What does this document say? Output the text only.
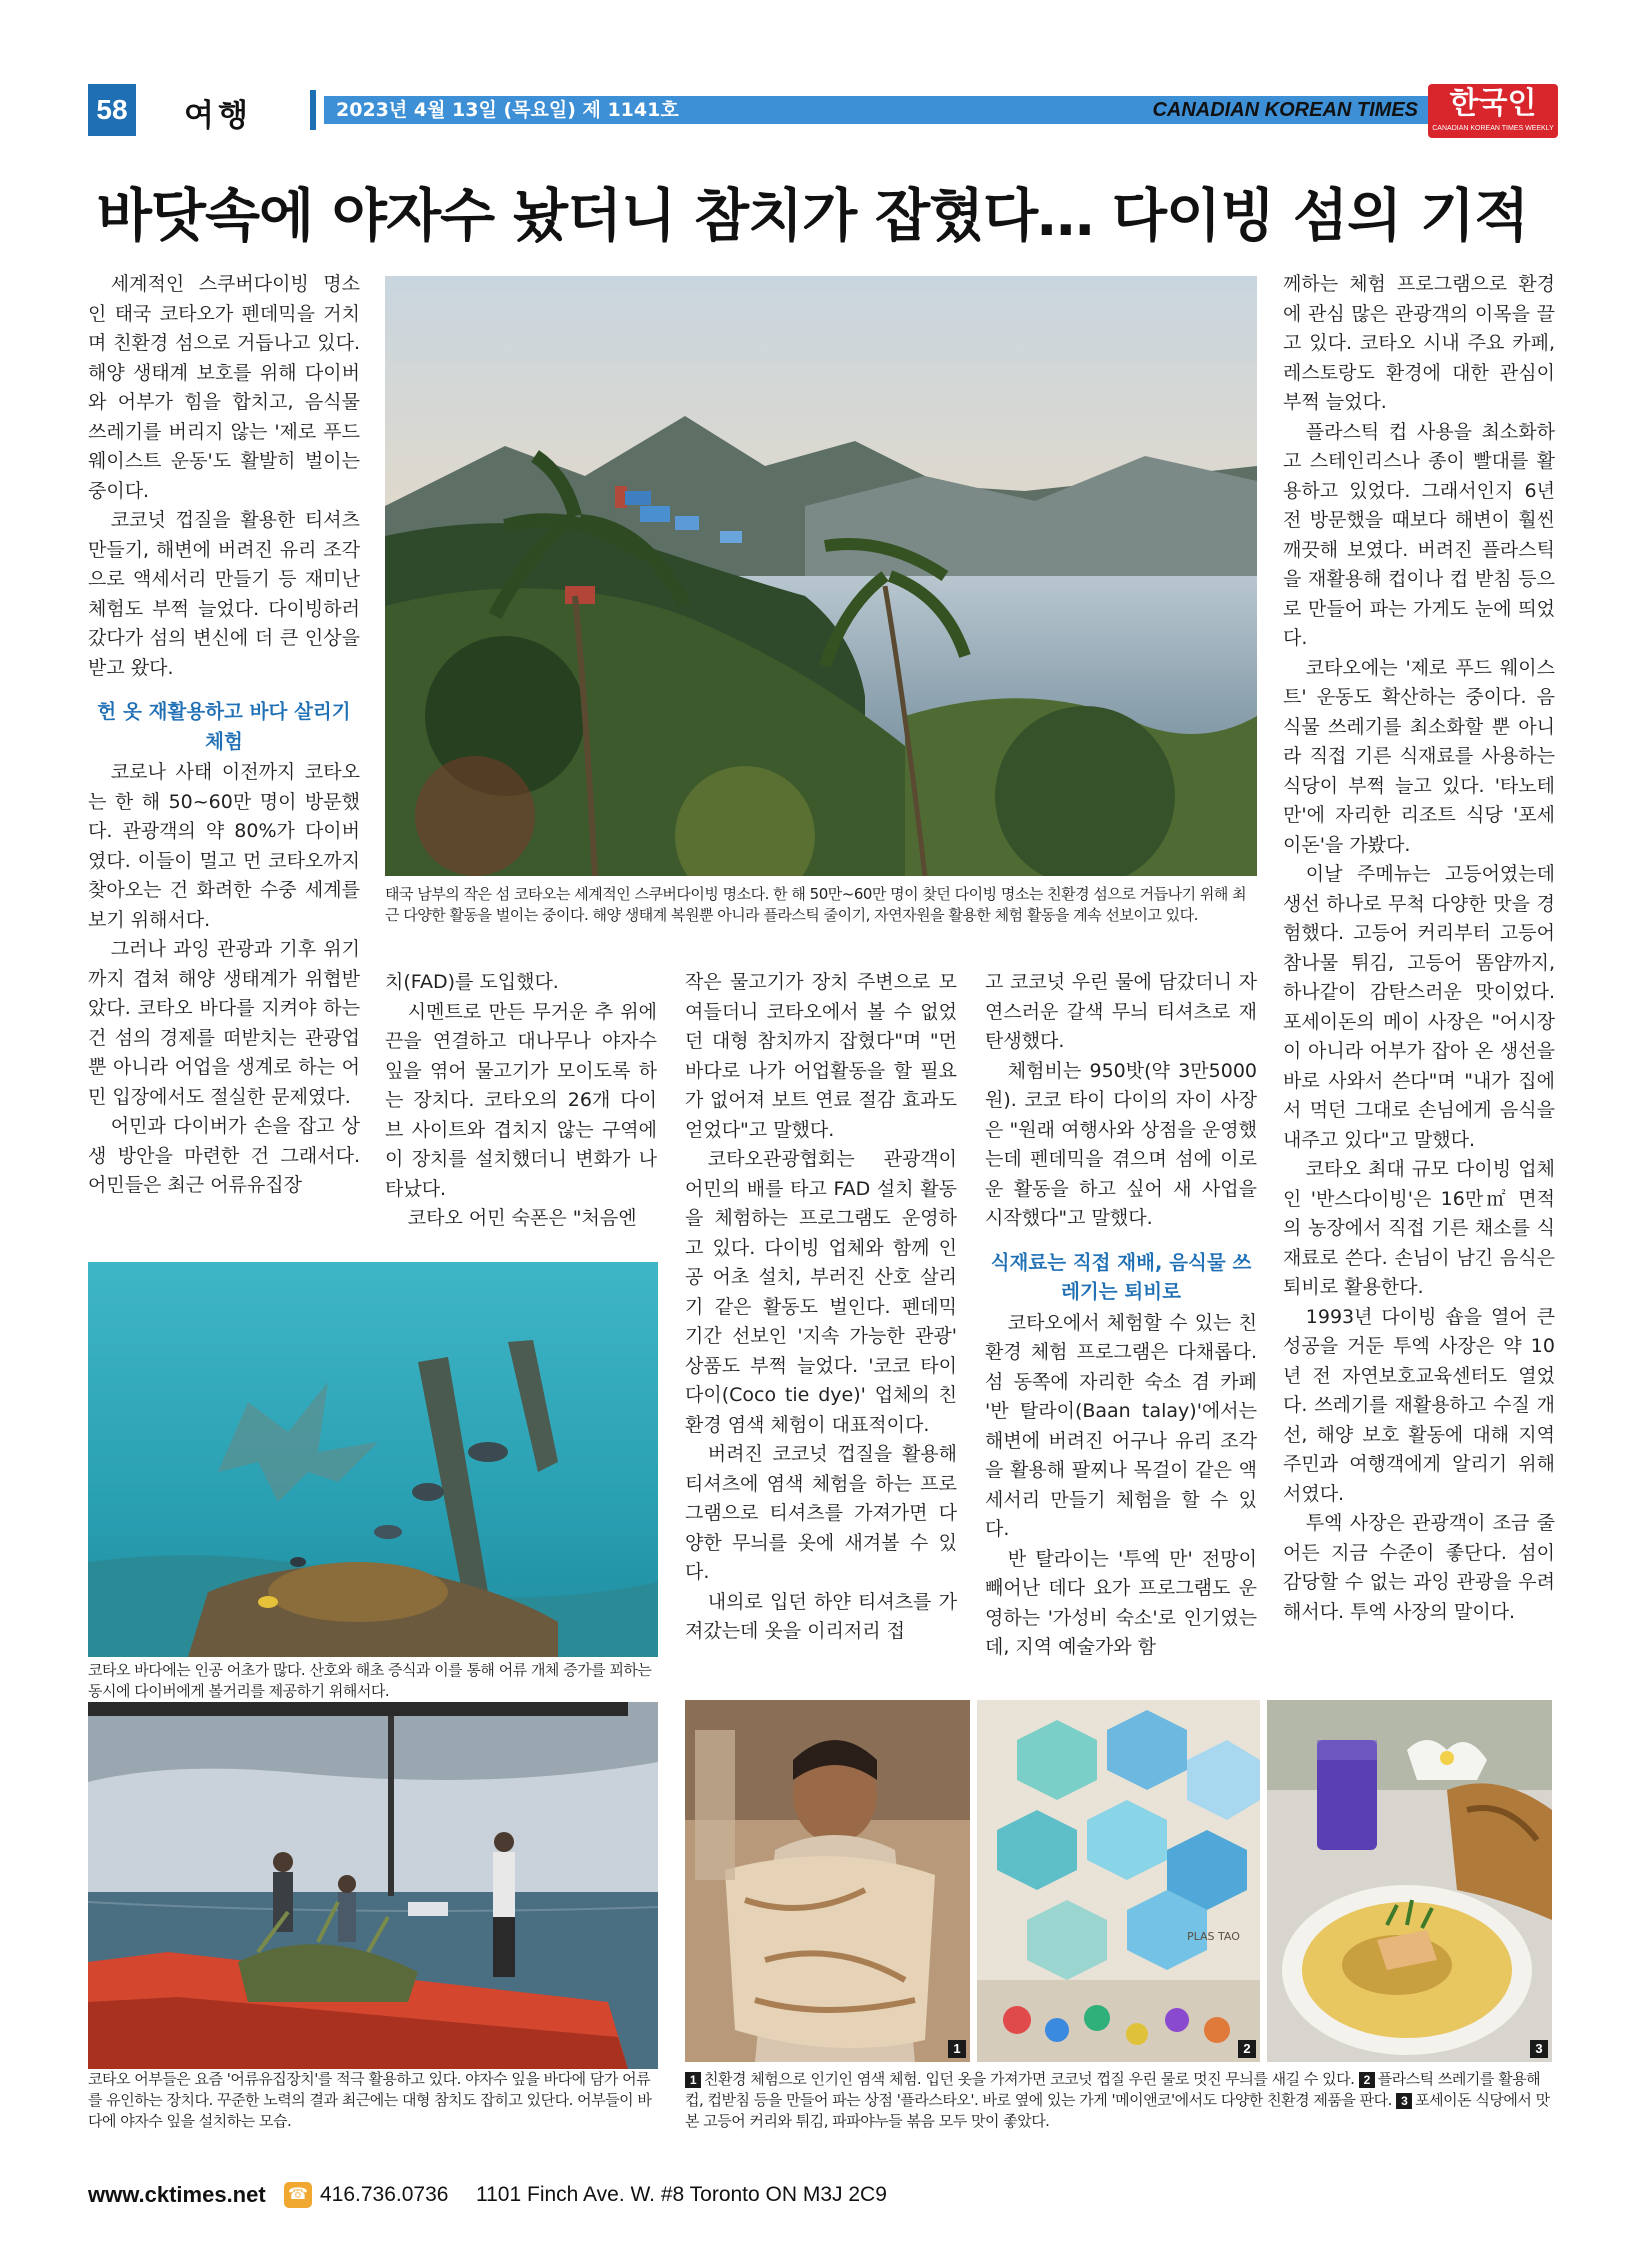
58 여행	2023년 4월 13일 (목요일) 제 1141호	CANADIAN KOREAN TIMES	한국인
CANADIAN KOREAN TIMES WEEKLY
바닷속에 야자수 놨더니 참치가 잡혔다… 다이빙 섬의 기적

세계적인 스쿠버다이빙 명소인 태국 코타오가 펜데믹을 거치며 친환경 섬으로 거듭나고 있다. 해양 생태계 보호를 위해 다이버와 어부가 힘을 합치고, 음식물 쓰레기를 버리지 않는 '제로 푸드 웨이스트 운동'도 활발히 벌이는 중이다.

코코넛 껍질을 활용한 티셔츠 만들기, 해변에 버려진 유리 조각으로 액세서리 만들기 등 재미난 체험도 부쩍 늘었다. 다이빙하러 갔다가 섬의 변신에 더 큰 인상을 받고 왔다.

헌 옷 재활용하고 바다 살리기 체험

코로나 사태 이전까지 코타오는 한 해 50~60만 명이 방문했다. 관광객의 약 80%가 다이버였다. 이들이 멀고 먼 코타오까지 찾아오는 건 화려한 수중 세계를 보기 위해서다.

그러나 과잉 관광과 기후 위기까지 겹쳐 해양 생태계가 위협받았다. 코타오 바다를 지켜야 하는 건 섬의 경제를 떠받치는 관광업뿐 아니라 어업을 생계로 하는 어민 입장에서도 절실한 문제였다.

어민과 다이버가 손을 잡고 상생 방안을 마련한 건 그래서다. 어민들은 최근 어류유집장

태국 남부의 작은 섬 코타오는 세계적인 스쿠버다이빙 명소다. 한 해 50만~60만 명이 찾던 다이빙 명소는 친환경 섬으로 거듭나기 위해 최근 다양한 활동을 벌이는 중이다. 해양 생태계 복원뿐 아니라 플라스틱 줄이기, 자연자원을 활용한 체험 활동을 계속 선보이고 있다.

치(FAD)를 도입했다.

시멘트로 만든 무거운 추 위에 끈을 연결하고 대나무나 야자수 잎을 엮어 물고기가 모이도록 하는 장치다. 코타오의 26개 다이브 사이트와 겹치지 않는 구역에 이 장치를 설치했더니 변화가 나타났다.

코타오 어민 숙폰은 "처음엔

작은 물고기가 장치 주변으로 모여들더니 코타오에서 볼 수 없었던 대형 참치까지 잡혔다"며 "먼 바다로 나가 어업활동을 할 필요가 없어져 보트 연료 절감 효과도 얻었다"고 말했다.

코타오관광협회는 관광객이 어민의 배를 타고 FAD 설치 활동을 체험하는 프로그램도 운영하고 있다. 다이빙 업체와 함께 인공 어초 설치, 부러진 산호 살리기 같은 활동도 벌인다. 펜데믹 기간 선보인 '지속 가능한 관광' 상품도 부쩍 늘었다. '코코 타이 다이(Coco tie dye)' 업체의 친환경 염색 체험이 대표적이다.

버려진 코코넛 껍질을 활용해 티셔츠에 염색 체험을 하는 프로그램으로 티셔츠를 가져가면 다양한 무늬를 옷에 새겨볼 수 있다.

내의로 입던 하얀 티셔츠를 가져갔는데 옷을 이리저리 접

고 코코넛 우린 물에 담갔더니 자연스러운 갈색 무늬 티셔츠로 재탄생했다.

체험비는 950밧(약 3만5000원). 코코 타이 다이의 자이 사장은 "원래 여행사와 상점을 운영했는데 펜데믹을 겪으며 섬에 이로운 활동을 하고 싶어 새 사업을 시작했다"고 말했다.

식재료는 직접 재배, 음식물 쓰레기는 퇴비로

코타오에서 체험할 수 있는 친환경 체험 프로그램은 다채롭다. 섬 동쪽에 자리한 숙소 겸 카페 '반 탈라이(Baan talay)'에서는 해변에 버려진 어구나 유리 조각을 활용해 팔찌나 목걸이 같은 액세서리 만들기 체험을 할 수 있다.

반 탈라이는 '투엑 만' 전망이 빼어난 데다 요가 프로그램도 운영하는 '가성비 숙소'로 인기였는데, 지역 예술가와 함

께하는 체험 프로그램으로 환경에 관심 많은 관광객의 이목을 끌고 있다. 코타오 시내 주요 카페, 레스토랑도 환경에 대한 관심이 부쩍 늘었다.

플라스틱 컵 사용을 최소화하고 스테인리스나 종이 빨대를 활용하고 있었다. 그래서인지 6년 전 방문했을 때보다 해변이 훨씬 깨끗해 보였다. 버려진 플라스틱을 재활용해 컵이나 컵 받침 등으로 만들어 파는 가게도 눈에 띄었다.

코타오에는 '제로 푸드 웨이스트' 운동도 확산하는 중이다. 음식물 쓰레기를 최소화할 뿐 아니라 직접 기른 식재료를 사용하는 식당이 부쩍 늘고 있다. '타노테 만'에 자리한 리조트 식당 '포세이돈'을 가봤다.

이날 주메뉴는 고등어였는데 생선 하나로 무척 다양한 맛을 경험했다. 고등어 커리부터 고등어참나물 튀김, 고등어 똠얌까지, 하나같이 감탄스러운 맛이었다. 포세이돈의 메이 사장은 "어시장이 아니라 어부가 잡아 온 생선을 바로 사와서 쓴다"며 "내가 집에서 먹던 그대로 손님에게 음식을 내주고 있다"고 말했다.

코타오 최대 규모 다이빙 업체인 '반스다이빙'은 16만㎡ 면적의 농장에서 직접 기른 채소를 식재료로 쓴다. 손님이 남긴 음식은 퇴비로 활용한다.

1993년 다이빙 숍을 열어 큰 성공을 거둔 투엑 사장은 약 10년 전 자연보호교육센터도 열었다. 쓰레기를 재활용하고 수질 개선, 해양 보호 활동에 대해 지역 주민과 여행객에게 알리기 위해서였다.

투엑 사장은 관광객이 조금 줄어든 지금 수준이 좋단다. 섬이 감당할 수 없는 과잉 관광을 우려해서다. 투엑 사장의 말이다.

코타오 바다에는 인공 어초가 많다. 산호와 해초 증식과 이를 통해 어류 개체 증가를 꾀하는 동시에 다이버에게 볼거리를 제공하기 위해서다.
코타오 어부들은 요즘 '어류유집장치'를 적극 활용하고 있다. 야자수 잎을 바다에 담가 어류를 유인하는 장치다. 꾸준한 노력의 결과 최근에는 대형 참치도 잡히고 있단다. 어부들이 바다에 야자수 잎을 설치하는 모습.
1
PLAS TAO
2	3
1 친환경 체험으로 인기인 염색 체험. 입던 옷을 가져가면 코코넛 껍질 우린 물로 멋진 무늬를 새길 수 있다. 2 플라스틱 쓰레기를 활용해 컵, 컵받침 등을 만들어 파는 상점 '플라스타오'. 바로 옆에 있는 가게 '메이앤코'에서도 다양한 친환경 제품을 판다. 3 포세이돈 식당에서 맛본 고등어 커리와 튀김, 파파야누들 볶음 모두 맛이 좋았다.
www.cktimes.net ☎ 416.736.0736 1101 Finch Ave. W. #8 Toronto ON M3J 2C9
